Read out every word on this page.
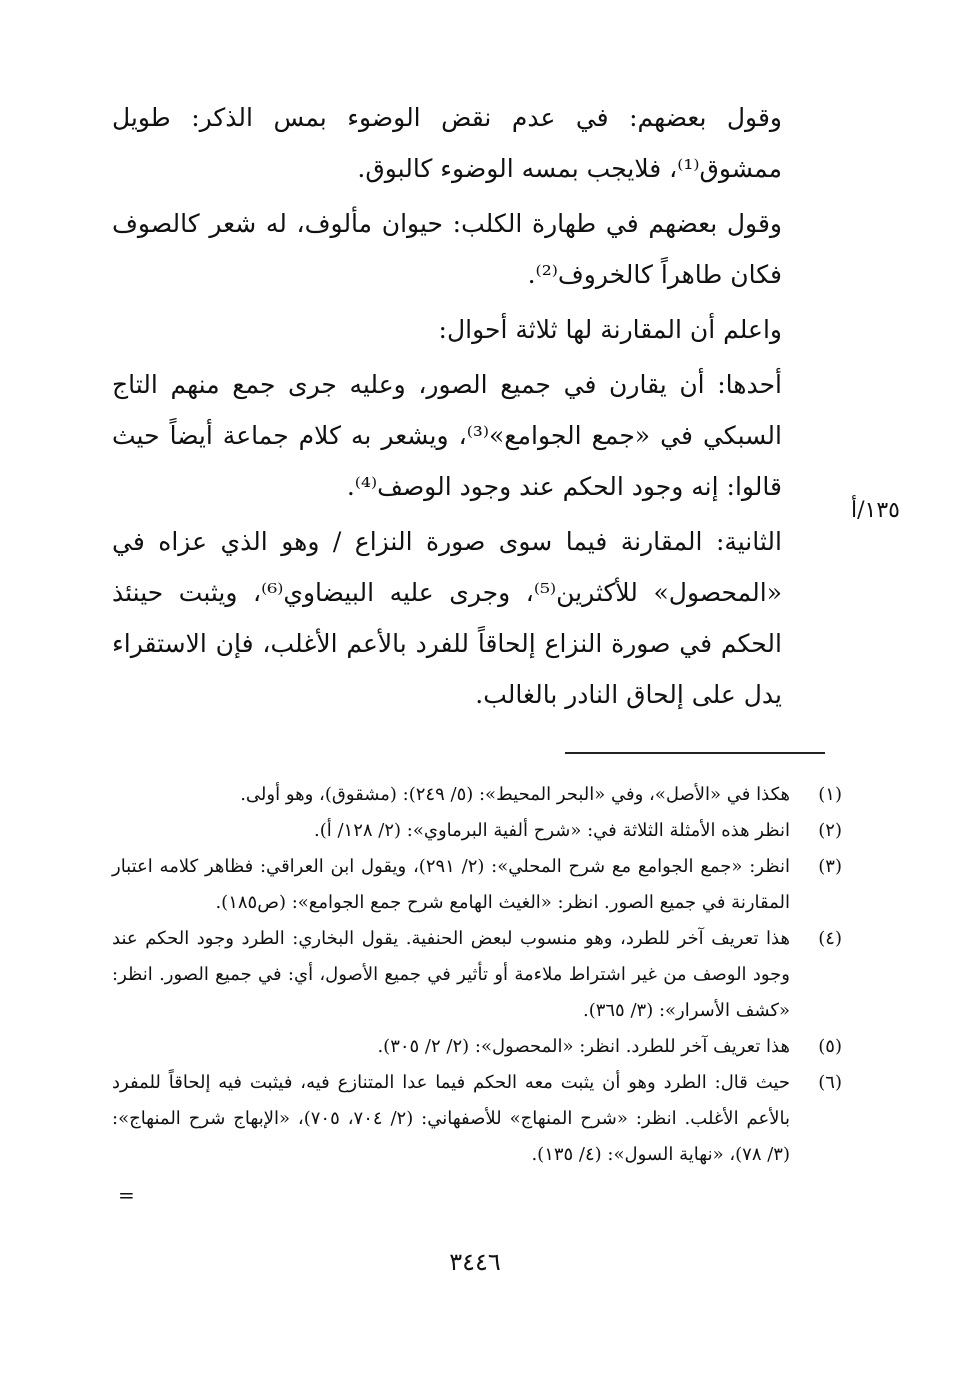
وقول بعضهم: في عدم نقض الوضوء بمس الذكر: طويل ممشوق⁽¹⁾، فلايجب بمسه الوضوء كالبوق.

وقول بعضهم في طهارة الكلب: حيوان مألوف، له شعر كالصوف فكان طاهراً كالخروف⁽²⁾.

واعلم أن المقارنة لها ثلاثة أحوال:

أحدها: أن يقارن في جميع الصور، وعليه جرى جمع منهم التاج السبكي في «جمع الجوامع»⁽³⁾، ويشعر به كلام جماعة أيضاً حيث قالوا: إنه وجود الحكم عند وجود الوصف⁽⁴⁾.

الثانية: المقارنة فيما سوى صورة النزاع / وهو الذي عزاه في «المحصول» للأكثرين⁽⁵⁾، وجرى عليه البيضاوي⁽⁶⁾، ويثبت حينئذ الحكم في صورة النزاع إلحاقاً للفرد بالأعم الأغلب، فإن الاستقراء يدل على إلحاق النادر بالغالب.

١٣٥/أ
(١)
هكذا في «الأصل»، وفي «البحر المحيط»: (٥/ ٢٤٩): (مشقوق)، وهو أولى.
(٢)
انظر هذه الأمثلة الثلاثة في: «شرح ألفية البرماوي»: (٢/ ١٢٨/ أ).
(٣)
انظر: «جمع الجوامع مع شرح المحلي»: (٢/ ٢٩١)، ويقول ابن العراقي: فظاهر كلامه اعتبار المقارنة في جميع الصور. انظر: «الغيث الهامع شرح جمع الجوامع»: (ص١٨٥).
(٤)
هذا تعريف آخر للطرد، وهو منسوب لبعض الحنفية. يقول البخاري: الطرد وجود الحكم عند وجود الوصف من غير اشتراط ملاءمة أو تأثير في جميع الأصول، أي: في جميع الصور. انظر: «كشف الأسرار»: (٣/ ٣٦٥).
(٥)
هذا تعريف آخر للطرد. انظر: «المحصول»: (٢/ ٢/ ٣٠٥).
(٦)
حيث قال: الطرد وهو أن يثبت معه الحكم فيما عدا المتنازع فيه، فيثبت فيه إلحاقاً للمفرد بالأعم الأغلب. انظر: «شرح المنهاج» للأصفهاني: (٢/ ٧٠٤، ٧٠٥)، «الإبهاج شرح المنهاج»: (٣/ ٧٨)، «نهاية السول»: (٤/ ١٣٥).
=
٣٤٤٦
